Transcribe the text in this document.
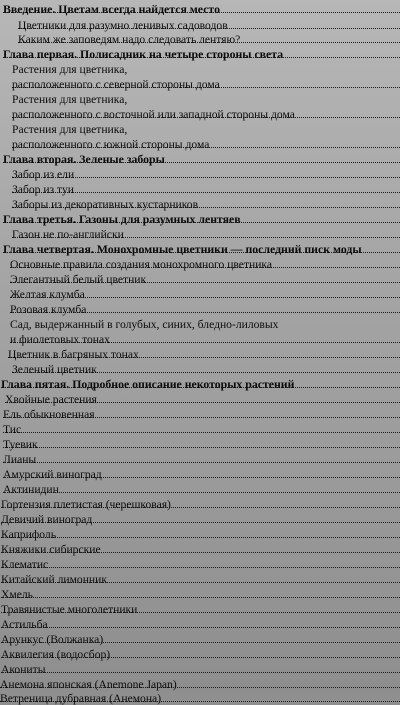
Введение. Цветам всегда найдется место
Цветники для разумно ленивых садоводов
Каким же заповедям надо следовать лентяю?
Глава первая. Полисадник на четыре стороны света
Растения для цветника,
расположенного с северной стороны дома
Растения для цветника,
расположенного с восточной или западной стороны дома
Растения для цветника,
расположенного с южной стороны дома
Глава вторая. Зеленые заборы
Забор из ели
Забор из туи
Заборы из декоративных кустарников
Глава третья. Газоны для разумных лентяев
Газон не по-английски
Глава четвертая. Монохромные цветники — последний писк моды
Основные правила создания монохромного цветника
Элегантный белый цветник
Желтая клумба
Розовая клумба
Сад, выдержанный в голубых, синих, бледно-лиловых
и фиолетовых тонах
Цветник в багряных тонах
Зеленый цветник
Глава пятая. Подробное описание некоторых растений
Хвойные растения
Ель обыкновенная
Тис
Туевик
Лианы
Амурский виноград
Актинидин
Гортензия плетистая (черешковая)
Девичий виноград
Каприфоль
Княжики сибирские
Клематис
Китайский лимонник
Хмель
Травянистые многолетники
Астильба
Арункус (Волжанка)
Аквилегия (водосбор)
Акониты
Анемона японская (Anemone Japan)
Ветреница дубравная (Анемона)
